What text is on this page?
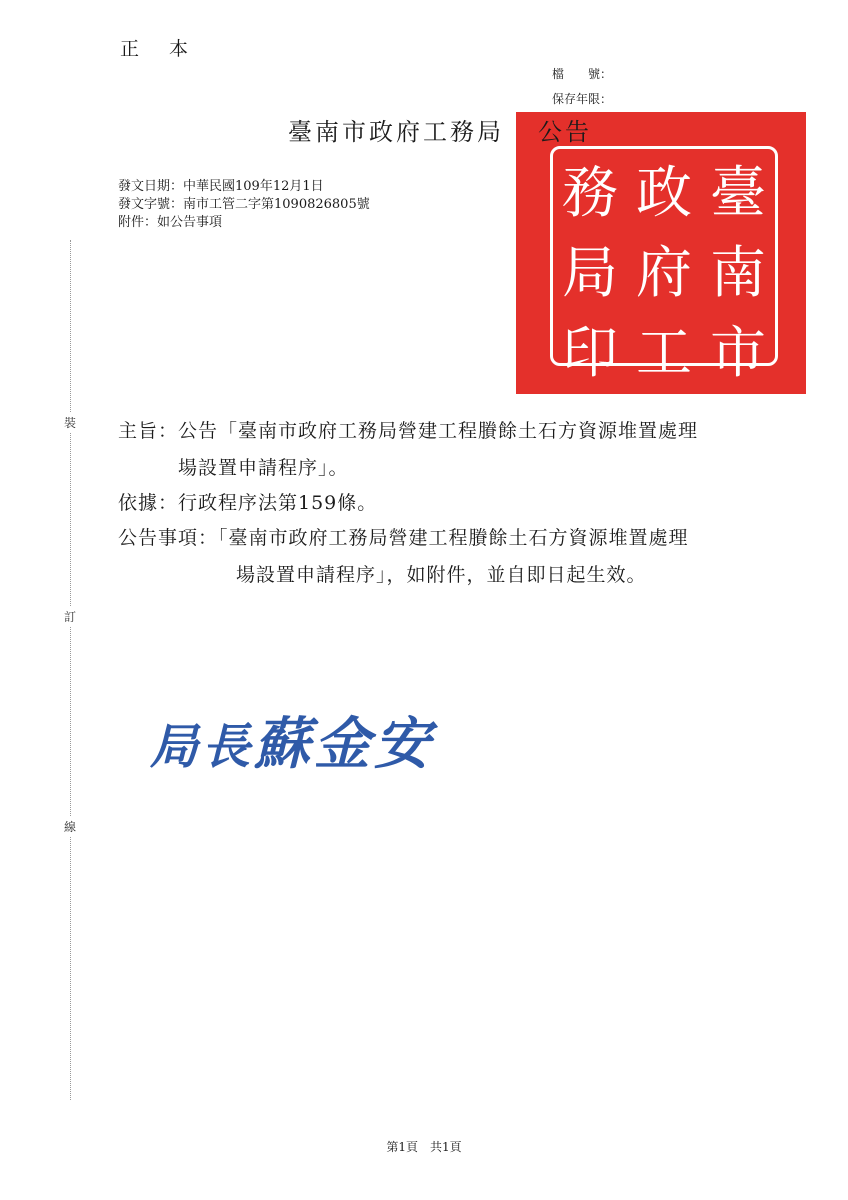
正 本
檔　　號：
保存年限：
臺
南
市
政
府
工
務
局
印
臺南市政府工務局 公告
發文日期：中華民國109年12月1日
發文字號：南市工管二字第1090826805號
附件：如公告事項
裝
訂
線
主旨：公告「臺南市政府工務局營建工程賸餘土石方資源堆置處理
場設置申請程序」。
依據：行政程序法第159條。
公告事項：「臺南市政府工務局營建工程賸餘土石方資源堆置處理
場設置申請程序」，如附件，並自即日起生效。
局長蘇金安
第1頁　共1頁
